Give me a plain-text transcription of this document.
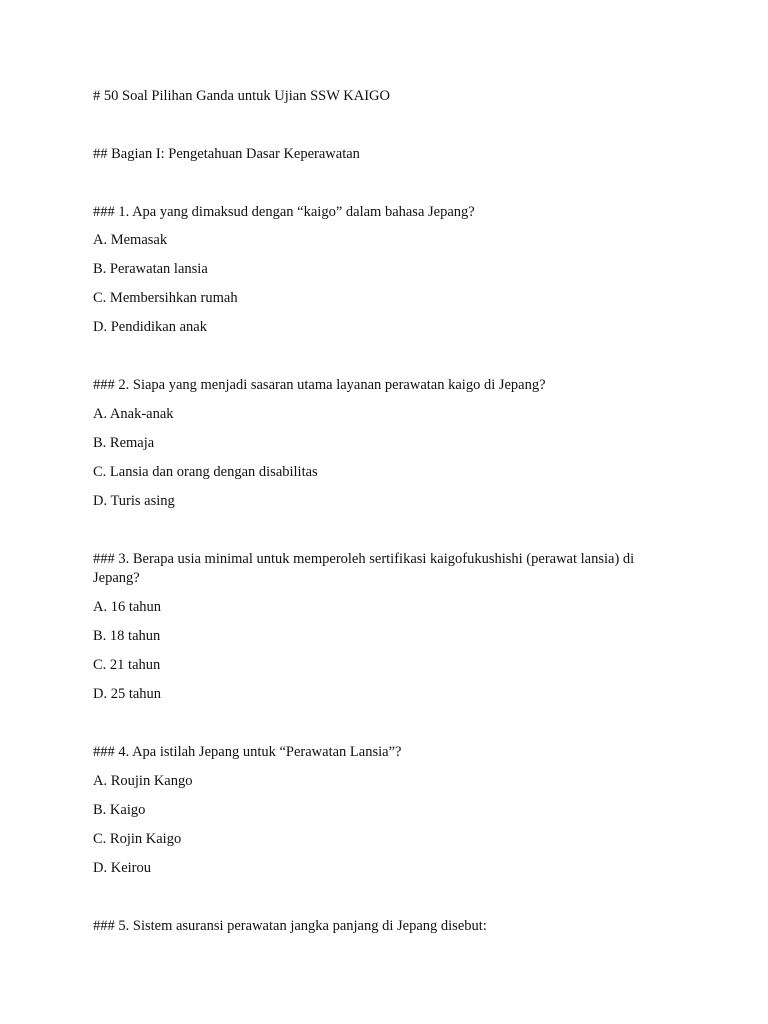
# 50 Soal Pilihan Ganda untuk Ujian SSW KAIGO
## Bagian I: Pengetahuan Dasar Keperawatan
### 1. Apa yang dimaksud dengan “kaigo” dalam bahasa Jepang?
A. Memasak
B. Perawatan lansia
C. Membersihkan rumah
D. Pendidikan anak
### 2. Siapa yang menjadi sasaran utama layanan perawatan kaigo di Jepang?
A. Anak-anak
B. Remaja
C. Lansia dan orang dengan disabilitas
D. Turis asing
### 3. Berapa usia minimal untuk memperoleh sertifikasi kaigofukushishi (perawat lansia) di Jepang?
A. 16 tahun
B. 18 tahun
C. 21 tahun
D. 25 tahun
### 4. Apa istilah Jepang untuk “Perawatan Lansia”?
A. Roujin Kango
B. Kaigo
C. Rojin Kaigo
D. Keirou
### 5. Sistem asuransi perawatan jangka panjang di Jepang disebut:
